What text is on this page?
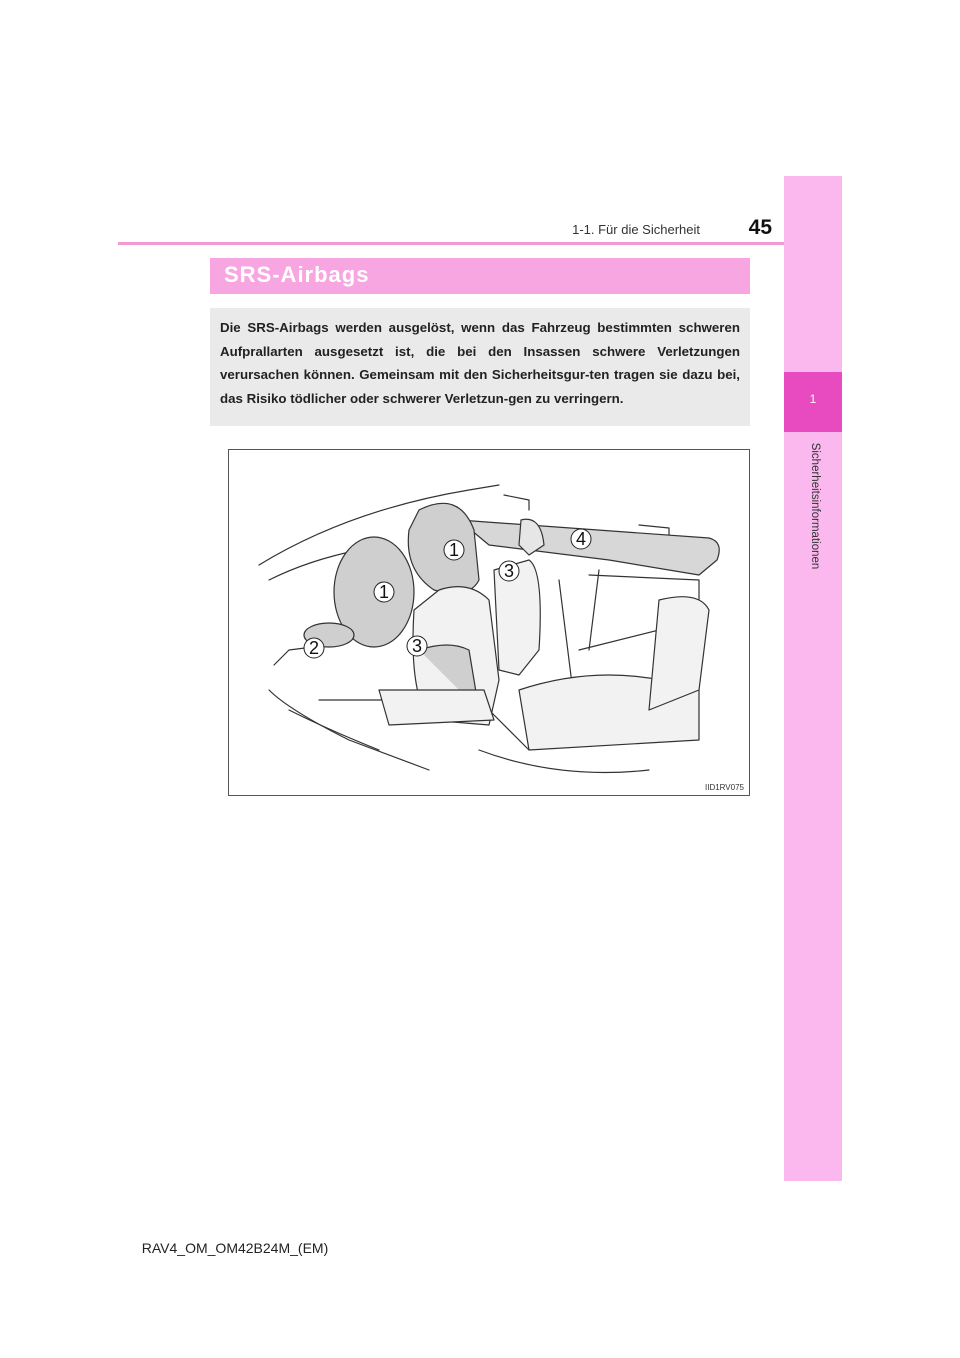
1-1. Für die Sicherheit	45
1
Sicherheitsinformationen
SRS-Airbags
Die SRS-Airbags werden ausgelöst, wenn das Fahrzeug bestimmten schweren Aufprallarten ausgesetzt ist, die bei den Insassen schwere Verletzungen verursachen können. Gemeinsam mit den Sicherheitsgur-ten tragen sie dazu bei, das Risiko tödlicher oder schwerer Verletzun-gen zu verringern.
1
1
2	3
3
4
IID1RV075
RAV4_OM_OM42B24M_(EM)
